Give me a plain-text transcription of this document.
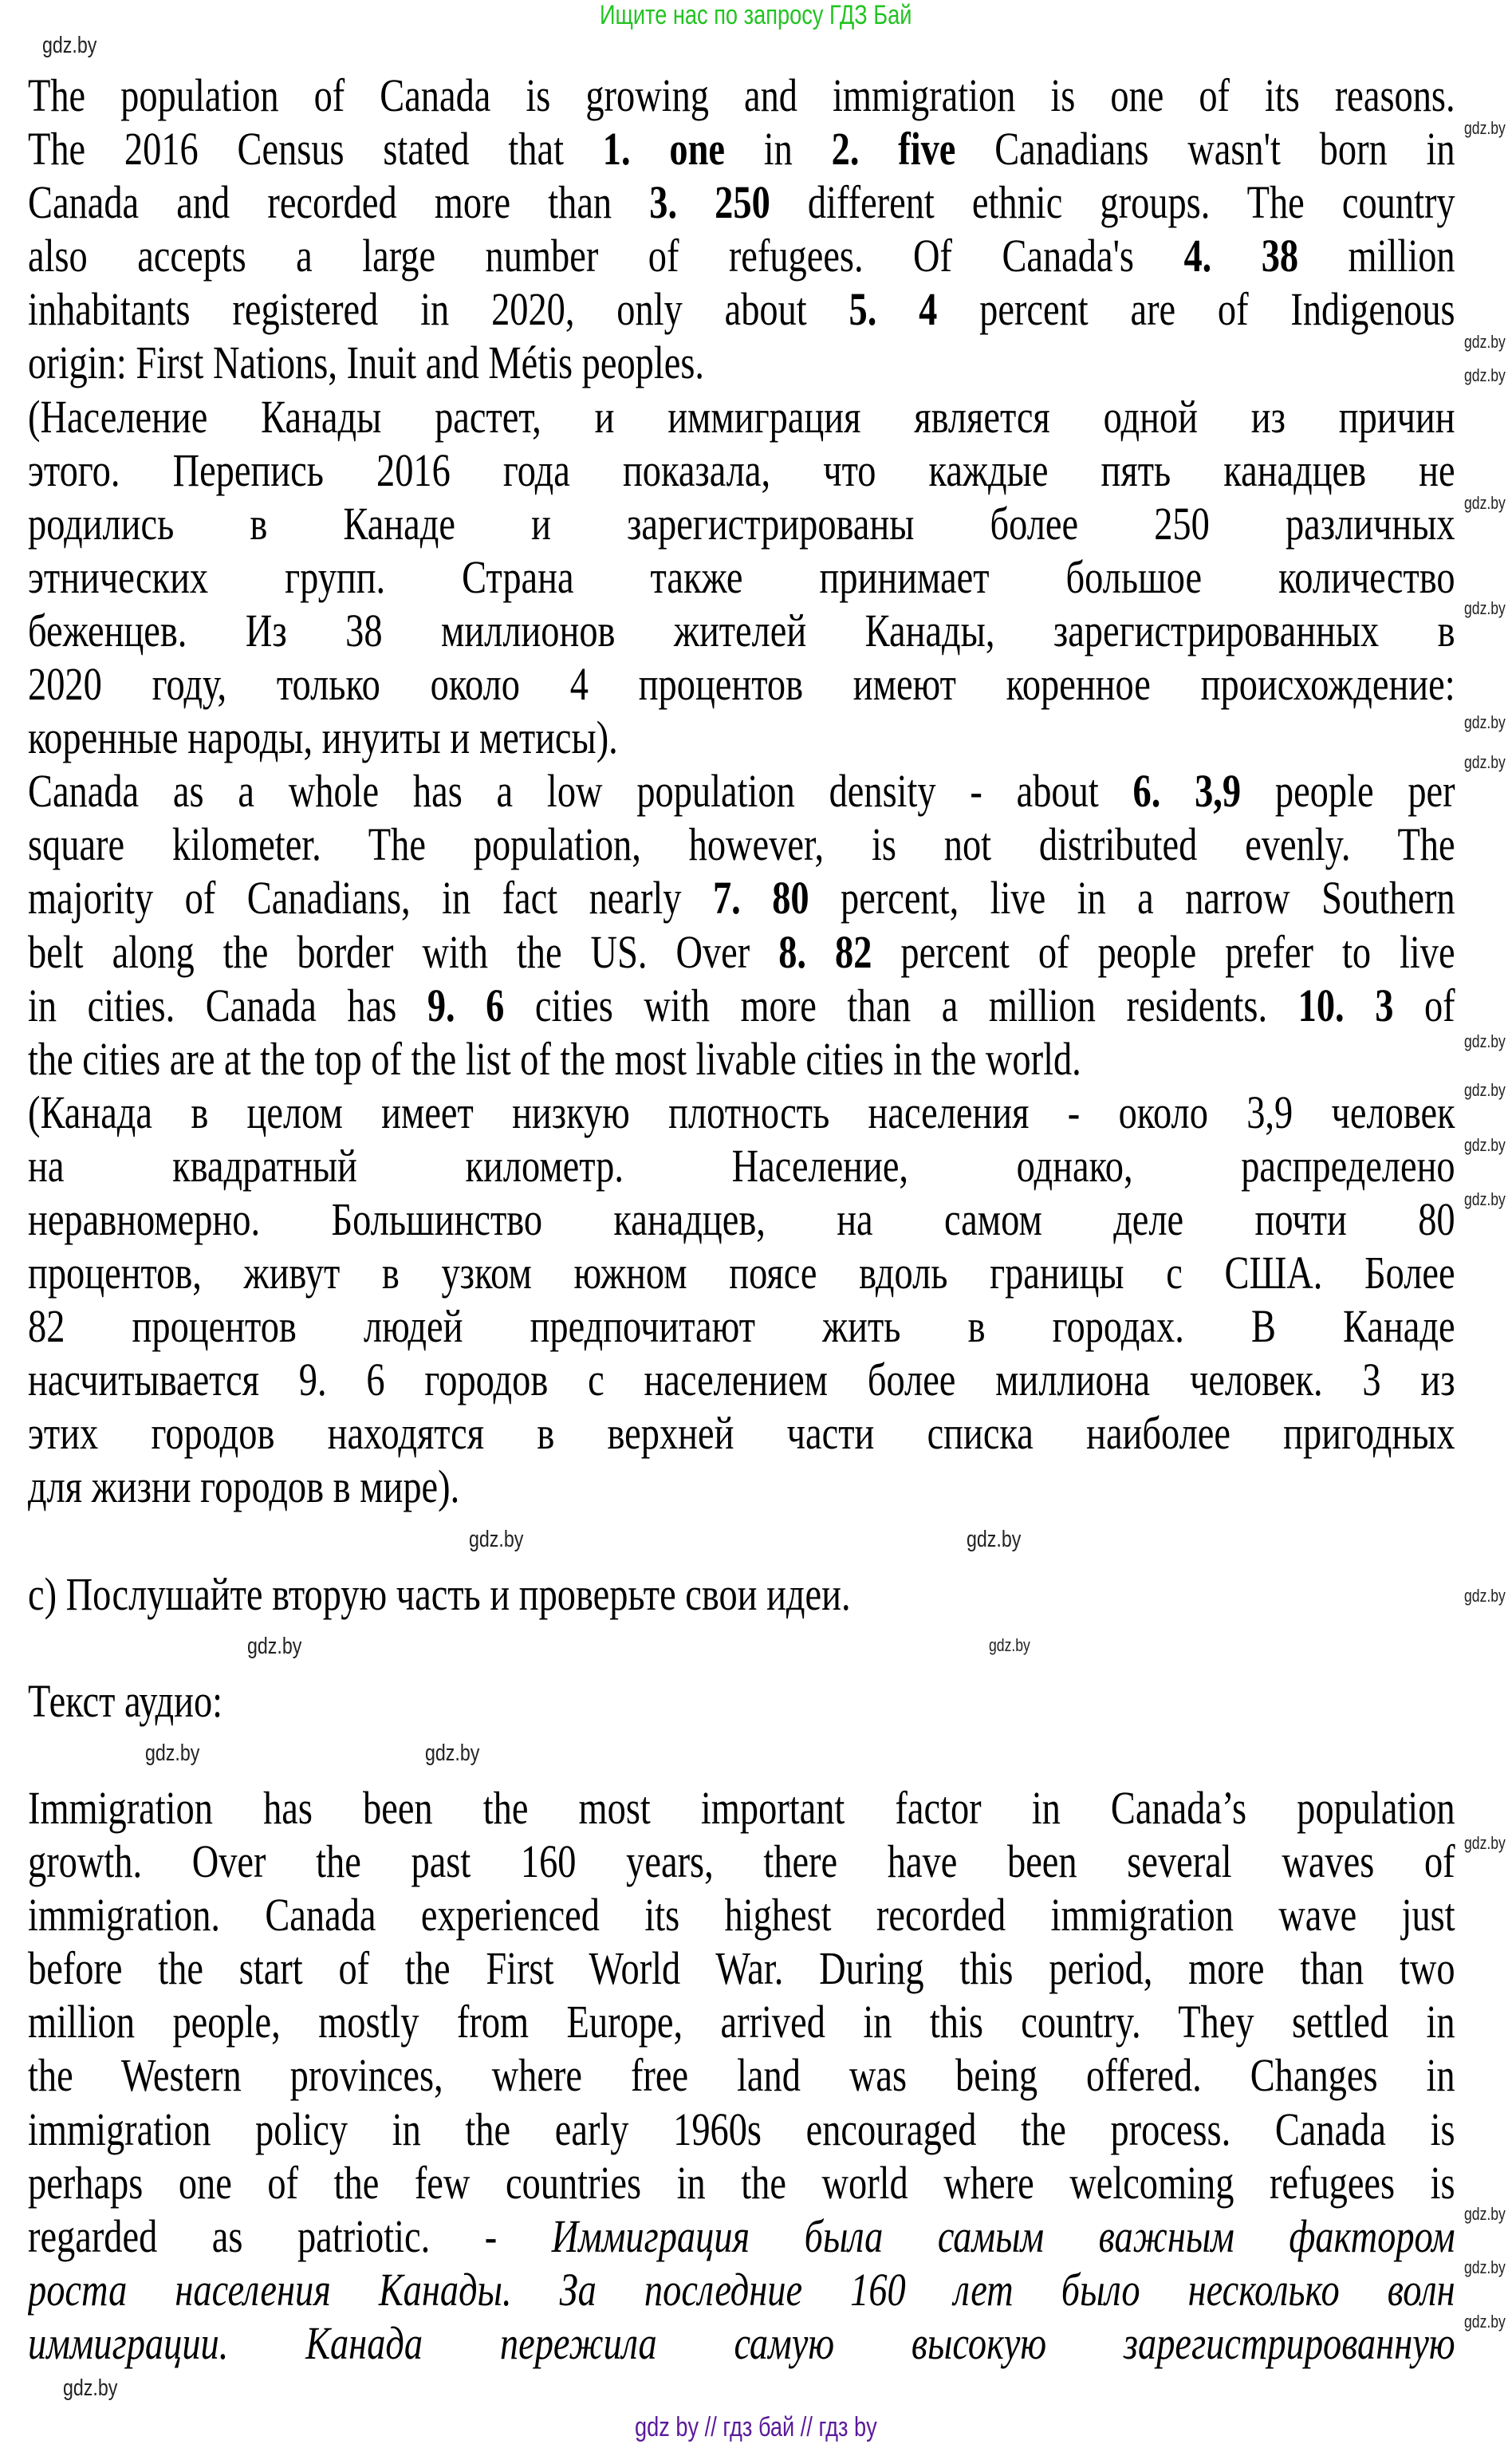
Ищите нас по запросу ГДЗ Бай
The population of Canada is growing and immigration is one of its reasons.
The 2016 Census stated that 1. one in 2. five Canadians wasn't born in
Canada and recorded more than 3. 250 different ethnic groups. The country
also accepts a large number of refugees. Of Canada's 4. 38 million
inhabitants registered in 2020, only about 5. 4 percent are of Indigenous
origin: First Nations, Inuit and Métis peoples.
(Население Канады растет, и иммиграция является одной из причин
этого. Перепись 2016 года показала, что каждые пять канадцев не
родились в Канаде и зарегистрированы более 250 различных
этнических групп. Страна также принимает большое количество
беженцев. Из 38 миллионов жителей Канады, зарегистрированных в
2020 году, только около 4 процентов имеют коренное происхождение:
коренные народы, инуиты и метисы).
Canada as a whole has a low population density - about 6. 3,9 people per
square kilometer. The population, however, is not distributed evenly. The
majority of Canadians, in fact nearly 7. 80 percent, live in a narrow Southern
belt along the border with the US. Over 8. 82 percent of people prefer to live
in cities. Canada has 9. 6 cities with more than a million residents. 10. 3 of
the cities are at the top of the list of the most livable cities in the world.
(Канада в целом имеет низкую плотность населения - около 3,9 человек
на квадратный километр. Население, однако, распределено
неравномерно. Большинство канадцев, на самом деле почти 80
процентов, живут в узком южном поясе вдоль границы с США. Более
82 процентов людей предпочитают жить в городах. В Канаде
насчитывается 9. 6 городов с населением более миллиона человек. 3 из
этих городов находятся в верхней части списка наиболее пригодных
для жизни городов в мире).
c) Послушайте вторую часть и проверьте свои идеи.
Текст аудио:
Immigration has been the most important factor in Canada’s population
growth. Over the past 160 years, there have been several waves of
immigration. Canada experienced its highest recorded immigration wave just
before the start of the First World War. During this period, more than two
million people, mostly from Europe, arrived in this country. They settled in
the Western provinces, where free land was being offered. Changes in
immigration policy in the early 1960s encouraged the process. Canada is
perhaps one of the few countries in the world where welcoming refugees is
regarded as patriotic. - Иммиграция была самым важным фактором
роста населения Канады. За последние 160 лет было несколько волн
иммиграции. Канада пережила самую высокую зарегистрированную
gdz.by
gdz.by
gdz.by
gdz.by
gdz.by
gdz.by
gdz.by
gdz.by
gdz.by
gdz.by
gdz.by
gdz.by
gdz.by
gdz.by
gdz.by
gdz.by	gdz.by
gdz.by
gdz.by
gdz.by
gdz.by
gdz.by
gdz.by
gdz.by
gdz by // гдз бай // гдз by
